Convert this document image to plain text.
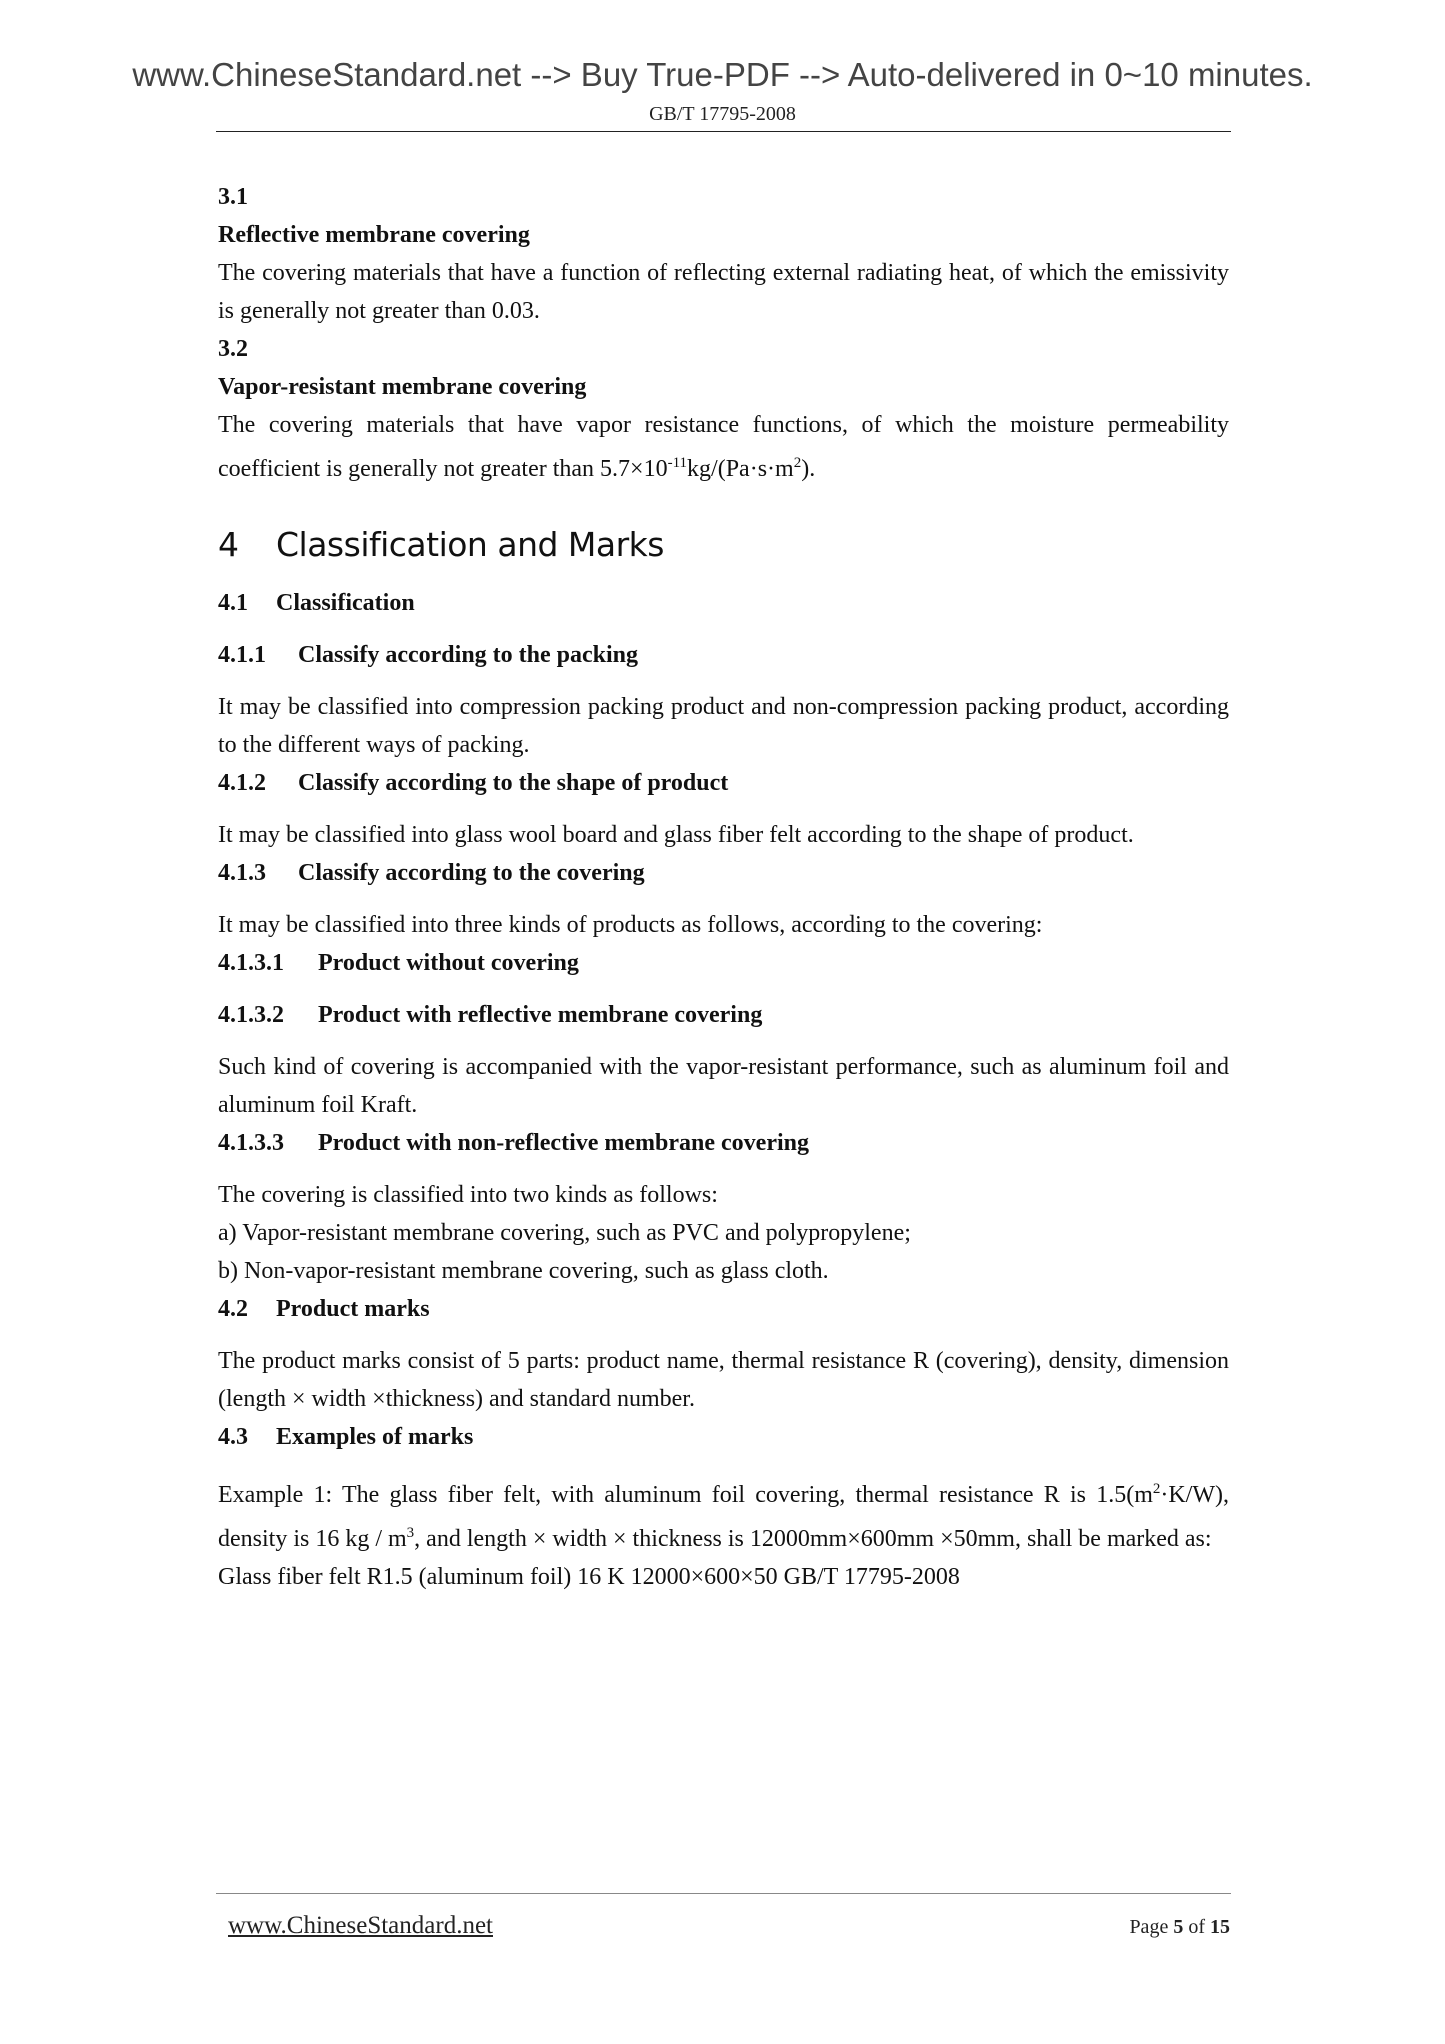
www.ChineseStandard.net --> Buy True-PDF --> Auto-delivered in 0~10 minutes.
GB/T 17795-2008

3.1

Reflective membrane covering

The covering materials that have a function of reflecting external radiating heat, of which the emissivity is generally not greater than 0.03.

3.2

Vapor-resistant membrane covering

The covering materials that have vapor resistance functions, of which the moisture permeability coefficient is generally not greater than $5.7\times 10^{-11}kg/(Pa\cdot s\cdot m^2)$.

4 Classification and Marks
4.1 Classification
4.1.1 Classify according to the packing

It may be classified into compression packing product and non-compression packing product, according to the different ways of packing.

4.1.2 Classify according to the shape of product

It may be classified into glass wool board and glass fiber felt according to the shape of product.

4.1.3 Classify according to the covering

It may be classified into three kinds of products as follows, according to the covering:

4.1.3.1 Product without covering
4.1.3.2 Product with reflective membrane covering

Such kind of covering is accompanied with the vapor-resistant performance, such as aluminum foil and aluminum foil Kraft.

4.1.3.3 Product with non-reflective membrane covering

The covering is classified into two kinds as follows:

a) Vapor-resistant membrane covering, such as PVC and polypropylene;

b) Non-vapor-resistant membrane covering, such as glass cloth.

4.2 Product marks

The product marks consist of 5 parts: product name, thermal resistance R (covering), density, dimension (length × width ×thickness) and standard number.

4.3 Examples of marks

Example 1: The glass fiber felt, with aluminum foil covering, thermal resistance R is $1.5(m^2\cdot K/W)$, density is 16 kg / $m^3$, and length × width × thickness is 12000mm×600mm ×50mm, shall be marked as:

Glass fiber felt R1.5 (aluminum foil) 16 K 12000×600×50 GB/T 17795-2008

www.ChineseStandard.net	Page 5 of 15
